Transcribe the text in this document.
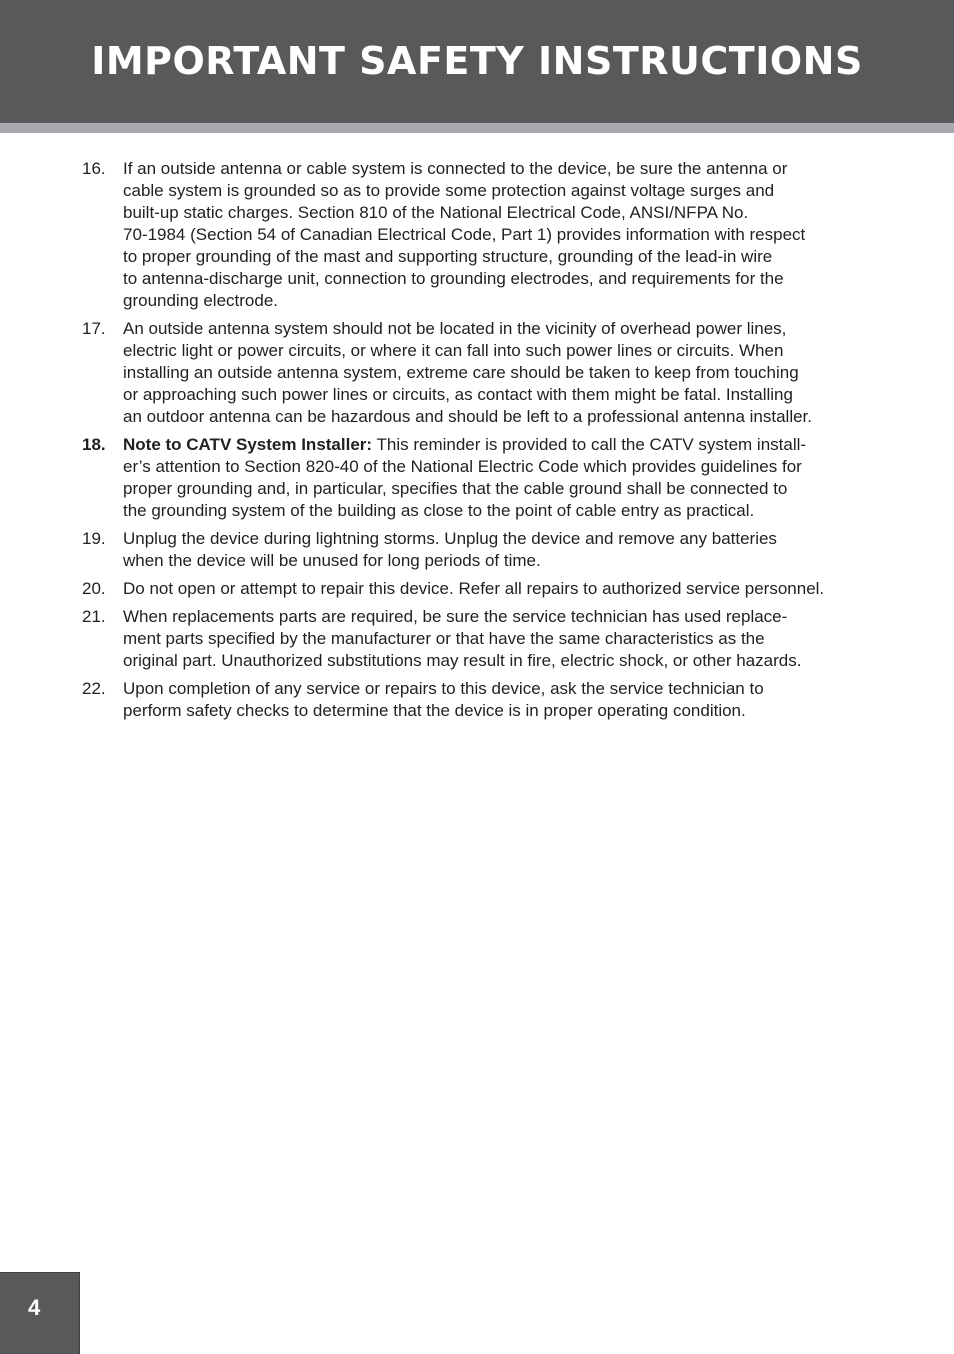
IMPORTANT SAFETY INSTRUCTIONS
16.	If an outside antenna or cable system is connected to the device, be sure the antenna or
cable system is grounded so as to provide some protection against voltage surges and
built-up static charges. Section 810 of the National Electrical Code, ANSI/NFPA No.
70-1984 (Section 54 of Canadian Electrical Code, Part 1) provides information with respect
to proper grounding of the mast and supporting structure, grounding of the lead-in wire
to antenna-discharge unit, connection to grounding electrodes, and requirements for the
grounding electrode.
17.	An outside antenna system should not be located in the vicinity of overhead power lines,
electric light or power circuits, or where it can fall into such power lines or circuits. When
installing an outside antenna system, extreme care should be taken to keep from touching
or approaching such power lines or circuits, as contact with them might be fatal. Installing
an outdoor antenna can be hazardous and should be left to a professional antenna installer.
18.	Note to CATV System Installer: This reminder is provided to call the CATV system install-
er’s attention to Section 820-40 of the National Electric Code which provides guidelines for
proper grounding and, in particular, specifies that the cable ground shall be connected to
the grounding system of the building as close to the point of cable entry as practical.
19.	Unplug the device during lightning storms. Unplug the device and remove any batteries
when the device will be unused for long periods of time.
20.	Do not open or attempt to repair this device. Refer all repairs to authorized service personnel.
21.	When replacements parts are required, be sure the service technician has used replace-
ment parts specified by the manufacturer or that have the same characteristics as the
original part. Unauthorized substitutions may result in fire, electric shock, or other hazards.
22.	Upon completion of any service or repairs to this device, ask the service technician to
perform safety checks to determine that the device is in proper operating condition.
4
